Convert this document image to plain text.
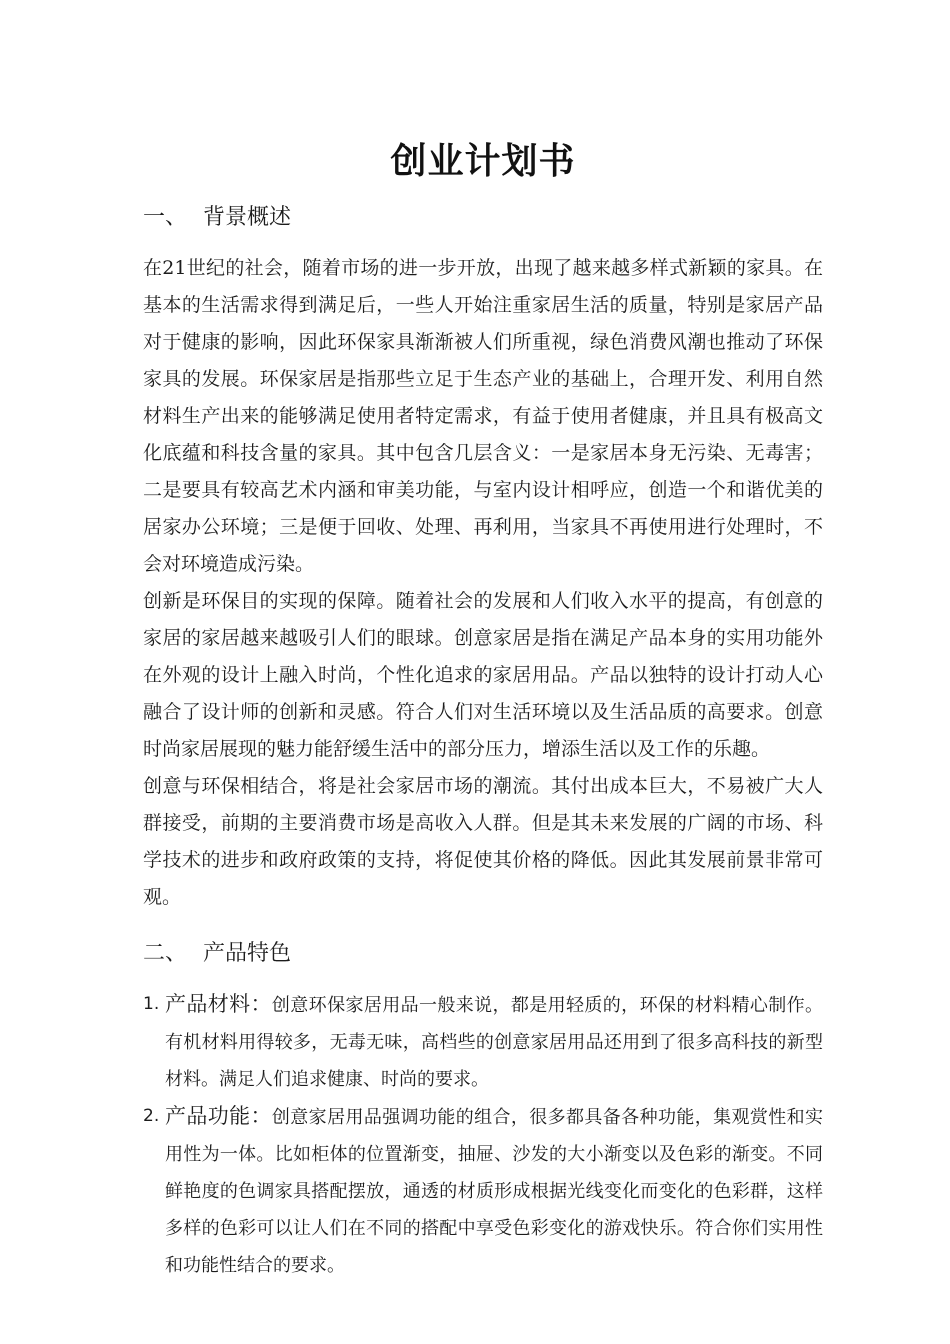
创业计划书
一、 背景概述

在21世纪的社会，随着市场的进一步开放，出现了越来越多样式新颖的家具。在基本的生活需求得到满足后，一些人开始注重家居生活的质量，特别是家居产品对于健康的影响，因此环保家具渐渐被人们所重视，绿色消费风潮也推动了环保家具的发展。环保家居是指那些立足于生态产业的基础上，合理开发、利用自然材料生产出来的能够满足使用者特定需求，有益于使用者健康，并且具有极高文化底蕴和科技含量的家具。其中包含几层含义：一是家居本身无污染、无毒害；二是要具有较高艺术内涵和审美功能，与室内设计相呼应，创造一个和谐优美的居家办公环境；三是便于回收、处理、再利用，当家具不再使用进行处理时，不会对环境造成污染。

创新是环保目的实现的保障。随着社会的发展和人们收入水平的提高，有创意的家居的家居越来越吸引人们的眼球。创意家居是指在满足产品本身的实用功能外在外观的设计上融入时尚，个性化追求的家居用品。产品以独特的设计打动人心融合了设计师的创新和灵感。符合人们对生活环境以及生活品质的高要求。创意时尚家居展现的魅力能舒缓生活中的部分压力，增添生活以及工作的乐趣。

创意与环保相结合，将是社会家居市场的潮流。其付出成本巨大，不易被广大人群接受，前期的主要消费市场是高收入人群。但是其未来发展的广阔的市场、科学技术的进步和政府政策的支持，将促使其价格的降低。因此其发展前景非常可观。

二、 产品特色
1. 产品材料：创意环保家居用品一般来说，都是用轻质的，环保的材料精心制作。有机材料用得较多，无毒无味，高档些的创意家居用品还用到了很多高科技的新型材料。满足人们追求健康、时尚的要求。
2. 产品功能：创意家居用品强调功能的组合，很多都具备各种功能，集观赏性和实用性为一体。比如柜体的位置渐变，抽屉、沙发的大小渐变以及色彩的渐变。不同鲜艳度的色调家具搭配摆放，通透的材质形成根据光线变化而变化的色彩群，这样多样的色彩可以让人们在不同的搭配中享受色彩变化的游戏快乐。符合你们实用性和功能性结合的要求。
